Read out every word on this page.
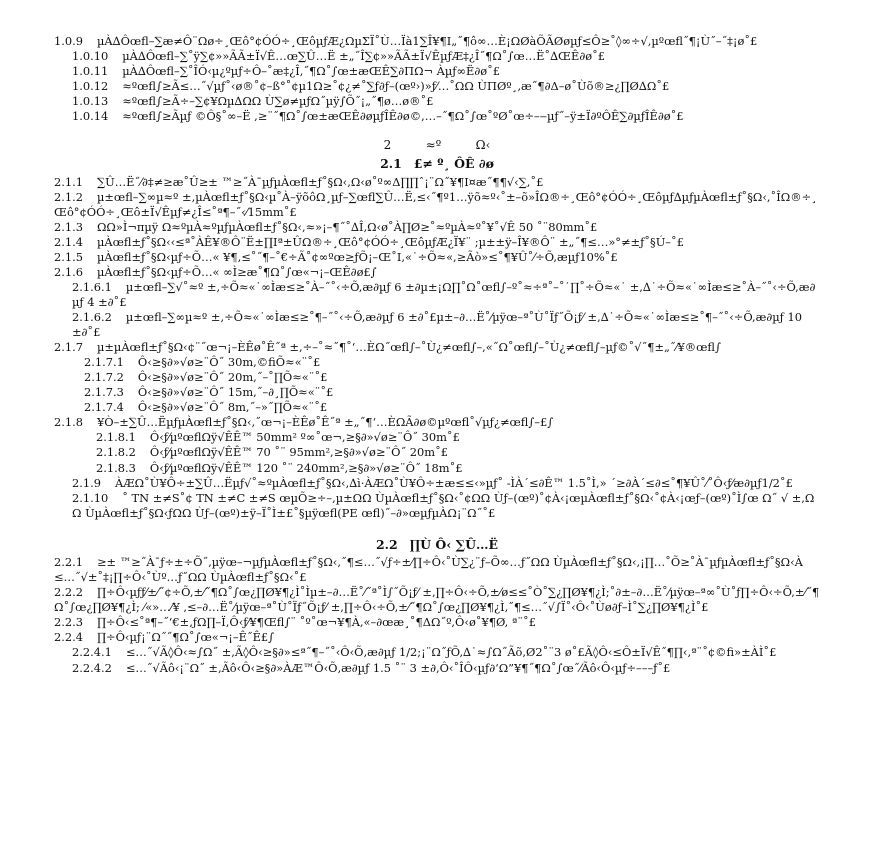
1.0.9 µÀ∆Ôœfl–∑æ≠Ô¨Ωø÷¸Œô°¢ÓÓ÷¸ŒôµƒÆ¿ΩµΣÏ˚Ù…Ïà1∑Î¥¶Ι„˝¶ô∞…È¡ΩØàÕÃØøµƒ≤Ô≥˚◊∞÷√,µºœfl˝¶¡Ù˝–˝‡¡ø˚£

1.0.10 µÀ∆Ôœfl–∑˚ÿ∑¢»»ÃÃ±Ï√Ê…œ∑Û…Ë ±„˝Î∑¢»»ÃÃ±Ï√ÊµƒÆ‡¿Î˝¶Ω˚∫œ…Ë˚∆ŒÊ∂ø˚£

1.0.11 µÀ∆Ôœfl–∑˚ÎÓ‹µ¿ºµƒ÷Ô–˚æ‡¿Î,˝¶Ω˚∫œ±æŒÊ∑∂ΠΩ¬ Àµƒ∞Ë∂ø˚£

1.0.12 ≈ºœfl∫≥Ã≤…˝√µƒ˚‹ø®˚¢–ß°˚¢µ1Ω≥˚¢¿≠˚∑ƒ∂ƒ–(œº›)»ƒ⁄…˚ΩΩ ÙΠØº¸‚æ˝¶∂Δ–ø˚Ùõ®≥¿∏Ø∆Ω˚£

1.0.13 ≈ºœfl∫≥Ã÷–∑¢¥Ωµ∆ΩΩ Ù∑ø≠µƒΩ˝µÿ∫Õ˝¡„˝¶ø…ø®˚£

1.0.14 ≈ºœfl∫≥Ãµƒ ©Ô§˚∞–Ë ,≥¨˝¶Ω˚∫œ±æŒÊ∂øµƒÎÊ∂ø©,…–˝¶Ω˚∫œ˚ºØ˚œ÷–‒µƒ˝–ÿ±Ï∂ºÔÊ∑∂µƒÎÊ∂ø˚£

2	≈º	Ω‹
2.1 £≠ º¸ ÔÊ ∂ø

2.1.1 ∑Û…Ë˝⁄∂‡≠≥æ˚Û≥± ™≥˝À¯µƒµÀœfl±ƒ˚§Ω‹,Ω‹ø˚º∞Δ∏∏ˆ¡¨Ω˝¥¶Ι¤æ˝¶¶√‹∑,˚£

2.1.2 µ±œfl–∑∞µ≈º ±,µÀœfl±ƒ˚§Ω‹µ˚À–ÿõôΩ¸µƒ–∑œfl∑Û…Ë,≤‹˝¶º1…ÿõ≈º‹˚±–õ»ÎΩ®÷¸Œô°¢ÓÓ÷¸Œôµƒ∆µƒµÀœfl±ƒ˚§Ω‹,˚ÎΩ®÷¸Œô°¢ÓÓ÷¸Œô±Ï√Êµƒ≠¿Î≤˚ª¶–˝‹⁄15mm˚£

2.1.3 ΩΩ»Ì¬πµÿ Ω≈ºµÀ≈ºµƒµÀœfl±ƒ˚§Ω‹,≈»¡–¶˝˚∆Î,Ω‹ø˚À∏Ø≥˚≈ºµÀ≈º˚¥˚√Ê 50 ˚¨80mm˚£

2.1.4 µÀœfl±ƒ˚§Ω‹‹≤ª˚ÀÊ¥®Ô¨Ë±∏Ιª±ÛΩ®÷¸Œô°¢ÓÓ÷¸ŒôµƒÆ¿Ï¥¨ ;µ±±ÿ–Î¥®Ô¨ ±„˝¶≤…»°≠±ƒ˚§Ú–˚£

2.1.5 µÀœfl±ƒ˚§Ω‹µƒ÷Õ…« ¥¶,≤˚˝¶–˚€÷Ã˚¢∞ºœ≥ƒÕ¡–Œ˚Ι,«˙÷Õ≈«,≥Ãò»≤˚¶¥Û˚⁄÷Õ,æµƒ10%˚£

2.1.6 µÀœfl±ƒ˚§Ω‹µƒ÷Õ…« ∞Ì≥æ˚¶Ω˚∫œ«¬¡–ŒÊ∂ø£∫

2.1.6.1 µ±œfl–∑√˚≈º ±,÷Õ≈«˙∞Ìæ≤≥˚À–˝˚‹÷Õ,æ∂µƒ 6 ±∂µ±¡Ω∏˚Ω˚œfl∫–º˚≈÷ª˚–˚˙∏˚÷Õ≈«˙ ±,∆˙÷Õ≈«˙∞Ìæ≤≥˚À–˝˚‹÷Õ,æ∂µƒ 4 ±∂˚£

2.1.6.2 µ±œfl–∑∞µ≈º ±,÷Õ≈«˙∞Ìæ≤≥˚¶–˝˚‹÷Õ,æ∂µƒ 6 ±∂˚£µ±–∂…Ë˚⁄µÿœ–ª˚Ù˚Ïƒ˝Õ¡ƒ⁄ ±,∆˙÷Õ≈«˙∞Ìæ≤≥˚¶–˝˚‹÷Õ,æ∂µƒ 10 ±∂˚£

2.1.7 µ±µÀœfl±ƒ˚§Ω‹¢¨˝œ¬¡–ÈÊø˚Ê˝ª ±,÷–˚≈˝¶˚‘…ÈΩ˝œfl∫–˚Ù¿≠œfl∫–,«˝Ω˚œfl∫–˚Ù¿≠œfl∫–µƒ©˚√˝¶±„˝⁄¥®œfl∫

2.1.7.1 Ô‹≥§∂»√ø≥¨Ô˝ 30m,©fiÕ≈«¨˚£

2.1.7.2 Ô‹≥§∂»√ø≥¨Ô˝ 20m,˝–˚∏Õ≈«¨˚£

2.1.7.3 Ô‹≥§∂»√ø≥¨Ô˝ 15m,˝–∂¸∏Õ≈«¨˚£

2.1.7.4 Ô‹≥§∂»√ø≥¨Ô˝ 8m,˝–»˝∏Õ≈«¨˚£

2.1.8 ¥Ò–±∑Û…ËµƒµÀœfl±ƒ˚§Ω‹,˝œ¬¡–ÈÊø˚Ê˝ª ±„˝¶‘…ÈΩÃ∂ø©µºœfl˚√µƒ¿≠œfl∫–£∫

2.1.8.1 Ô‹ƒ⁄µºœflΩÿ√ÊÊ™ 50mm² º∞˚œ¬,≥§∂»√ø≥¨Ô˝ 30m˚£

2.1.8.2 Ô‹ƒ⁄µºœflΩÿ√ÊÊ™ 70 ˚¨ 95mm²,≥§∂»√ø≥¨Ô˝ 20m˚£

2.1.8.3 Ô‹ƒ⁄µºœflΩÿ√ÊÊ™ 120 ˚¨ 240mm²,≥§∂»√ø≥¨Ô˝ 18m˚£

2.1.9 ÀÆΩ˚Ù¥Ô÷±∑Û…Ëµƒ√˚≈ºµÀœfl±ƒ˚§Ω‹,∆ì·ÀÆΩ˚Ù¥Ô÷±æ≤≤‹»µƒ˚ -ÌÀ´≤∂Ê™ 1.5˚Ì,» ´≥∂À´≤∂≤˚¶¥Û˚⁄˚Ô‹ƒ⁄æ∂µƒ1/2˚£

2.1.10 ˚ TN ±≠S˚¢ TN ±≠C ±≠S œµÕ≥÷–,µ±ΩΩ ÙµÀœfl±ƒ˚§Ω‹˚¢ΩΩ Ùƒ–(œº)˚¢À‹¡œµÀœfl±ƒ˚§Ω‹˚¢À‹¡œƒ–(œº)˚Ì∫œ Ω˝ √ ±,ΩΩ ÙµÀœfl±ƒ˚§Ω‹ƒΩΩ Ùƒ–(œº)±ÿ–Ï˚Ì±£˚§µÿœfl(PE œfl)˝–∂»œµƒµÀΩ¡¨Ω˝˚£

2.2 ∏Ù Ô‹ ∑Û…Ë

2.2.1 ≥± ™≥˝À¯ƒ÷±÷Õ˝‚µÿœ–¬µƒµÀœfl±ƒ˚§Ω‹,˝¶≤…˝√ƒ÷±⁄∏÷Ô‹˚Ù∑¿¨ƒ–Õ∞…ƒ˝ΩΩ ÙµÀœfl±ƒ˚§Ω‹,¡∏…˚Õ≥˚À¯µƒµÀœfl±ƒ˚§Ω‹À≤…˝√±˚‡¡∏÷Ô‹˚Ùº…ƒ˝ΩΩ ÙµÀœfl±ƒ˚§Ω‹˚£

2.2.2 ∏÷Ô‹µƒƒ⁄±⁄˝¢÷Õ,±⁄˝¶Ω˚∫œ¿∏Ø¥¶¿Ì˚Ìµ±–∂…Ë˚⁄˝ª˚Ì∫˝Õ¡ƒ⁄ ±,∏÷Ô‹÷Õ,±⁄ø≤≤˚Ò˚∑¿∏Ø¥¶¿Ì;˚∂±–∂…Ë˚⁄µÿœ–ª∞˚Ù˚ƒ∏÷Ô‹÷Õ,±⁄˝¶Ω˚∫œ¿∏Ø¥¶¿Ì; ⁄«»…⁄¥ ,≤–∂…Ë˚⁄µÿœ–ª˚Ù˚Ïƒ˝Õ¡ƒ⁄ ±,∏÷Ô‹÷Õ,±⁄˝¶Ω˚∫œ¿∏Ø¥¶¿Ì,˝¶≤…˝√∫Ï˚‹Ô‹˚Ùø∂ƒ–Ì˚∑¿∏Ø¥¶¿Ì˚£

2.2.3 ∏÷Ô‹≤˚ª¶–˝‘€±,ƒΩ∏–Ï,Ô‹ƒ⁄¥¶Œfl∫¨ ˚º˚œ¬¥¶À,«–∂œæ¸˚¶ΔΩ˝º,Ô‹ø˚¥¶Ø, ª¨˚£

2.2.4 ∏÷Ô‹µƒ¡¨Ω˝˝¶Ω˚∫œ«¬¡–Ê˝Ê£∫

2.2.4.1 ≤…˝√Ã◊Ô‹≈∫Ω˝ ±,Ã◊Ô‹≥§∂»≤ª˝¶–˝˚‹Ô‹Õ‚æ∂µƒ 1/2;¡¨Ω˝ƒÕ,∆˙≈∫Ω˝Ãõ,Ø2˚¨3 ø˚£Ã◊Ô‹≤Ô±Ï√Ê˝¶∏‹,ª¨˚¢©fi»±ÀÌ˚£

2.2.4.2 ≤…˝√Ãô‹¡¨Ω˝ ±,Ãô‹Ô‹≥§∂»ÀÆ™Ô‹Õ‚æ∂µƒ 1.5 ˚¨ 3 ±∂,Ô‹˚ÎÔ‹µƒ∂‘Ω”¥¶˝¶Ω˚∫œ˝⁄Ãô‹Ô‹µƒ÷–––ƒ˚£
